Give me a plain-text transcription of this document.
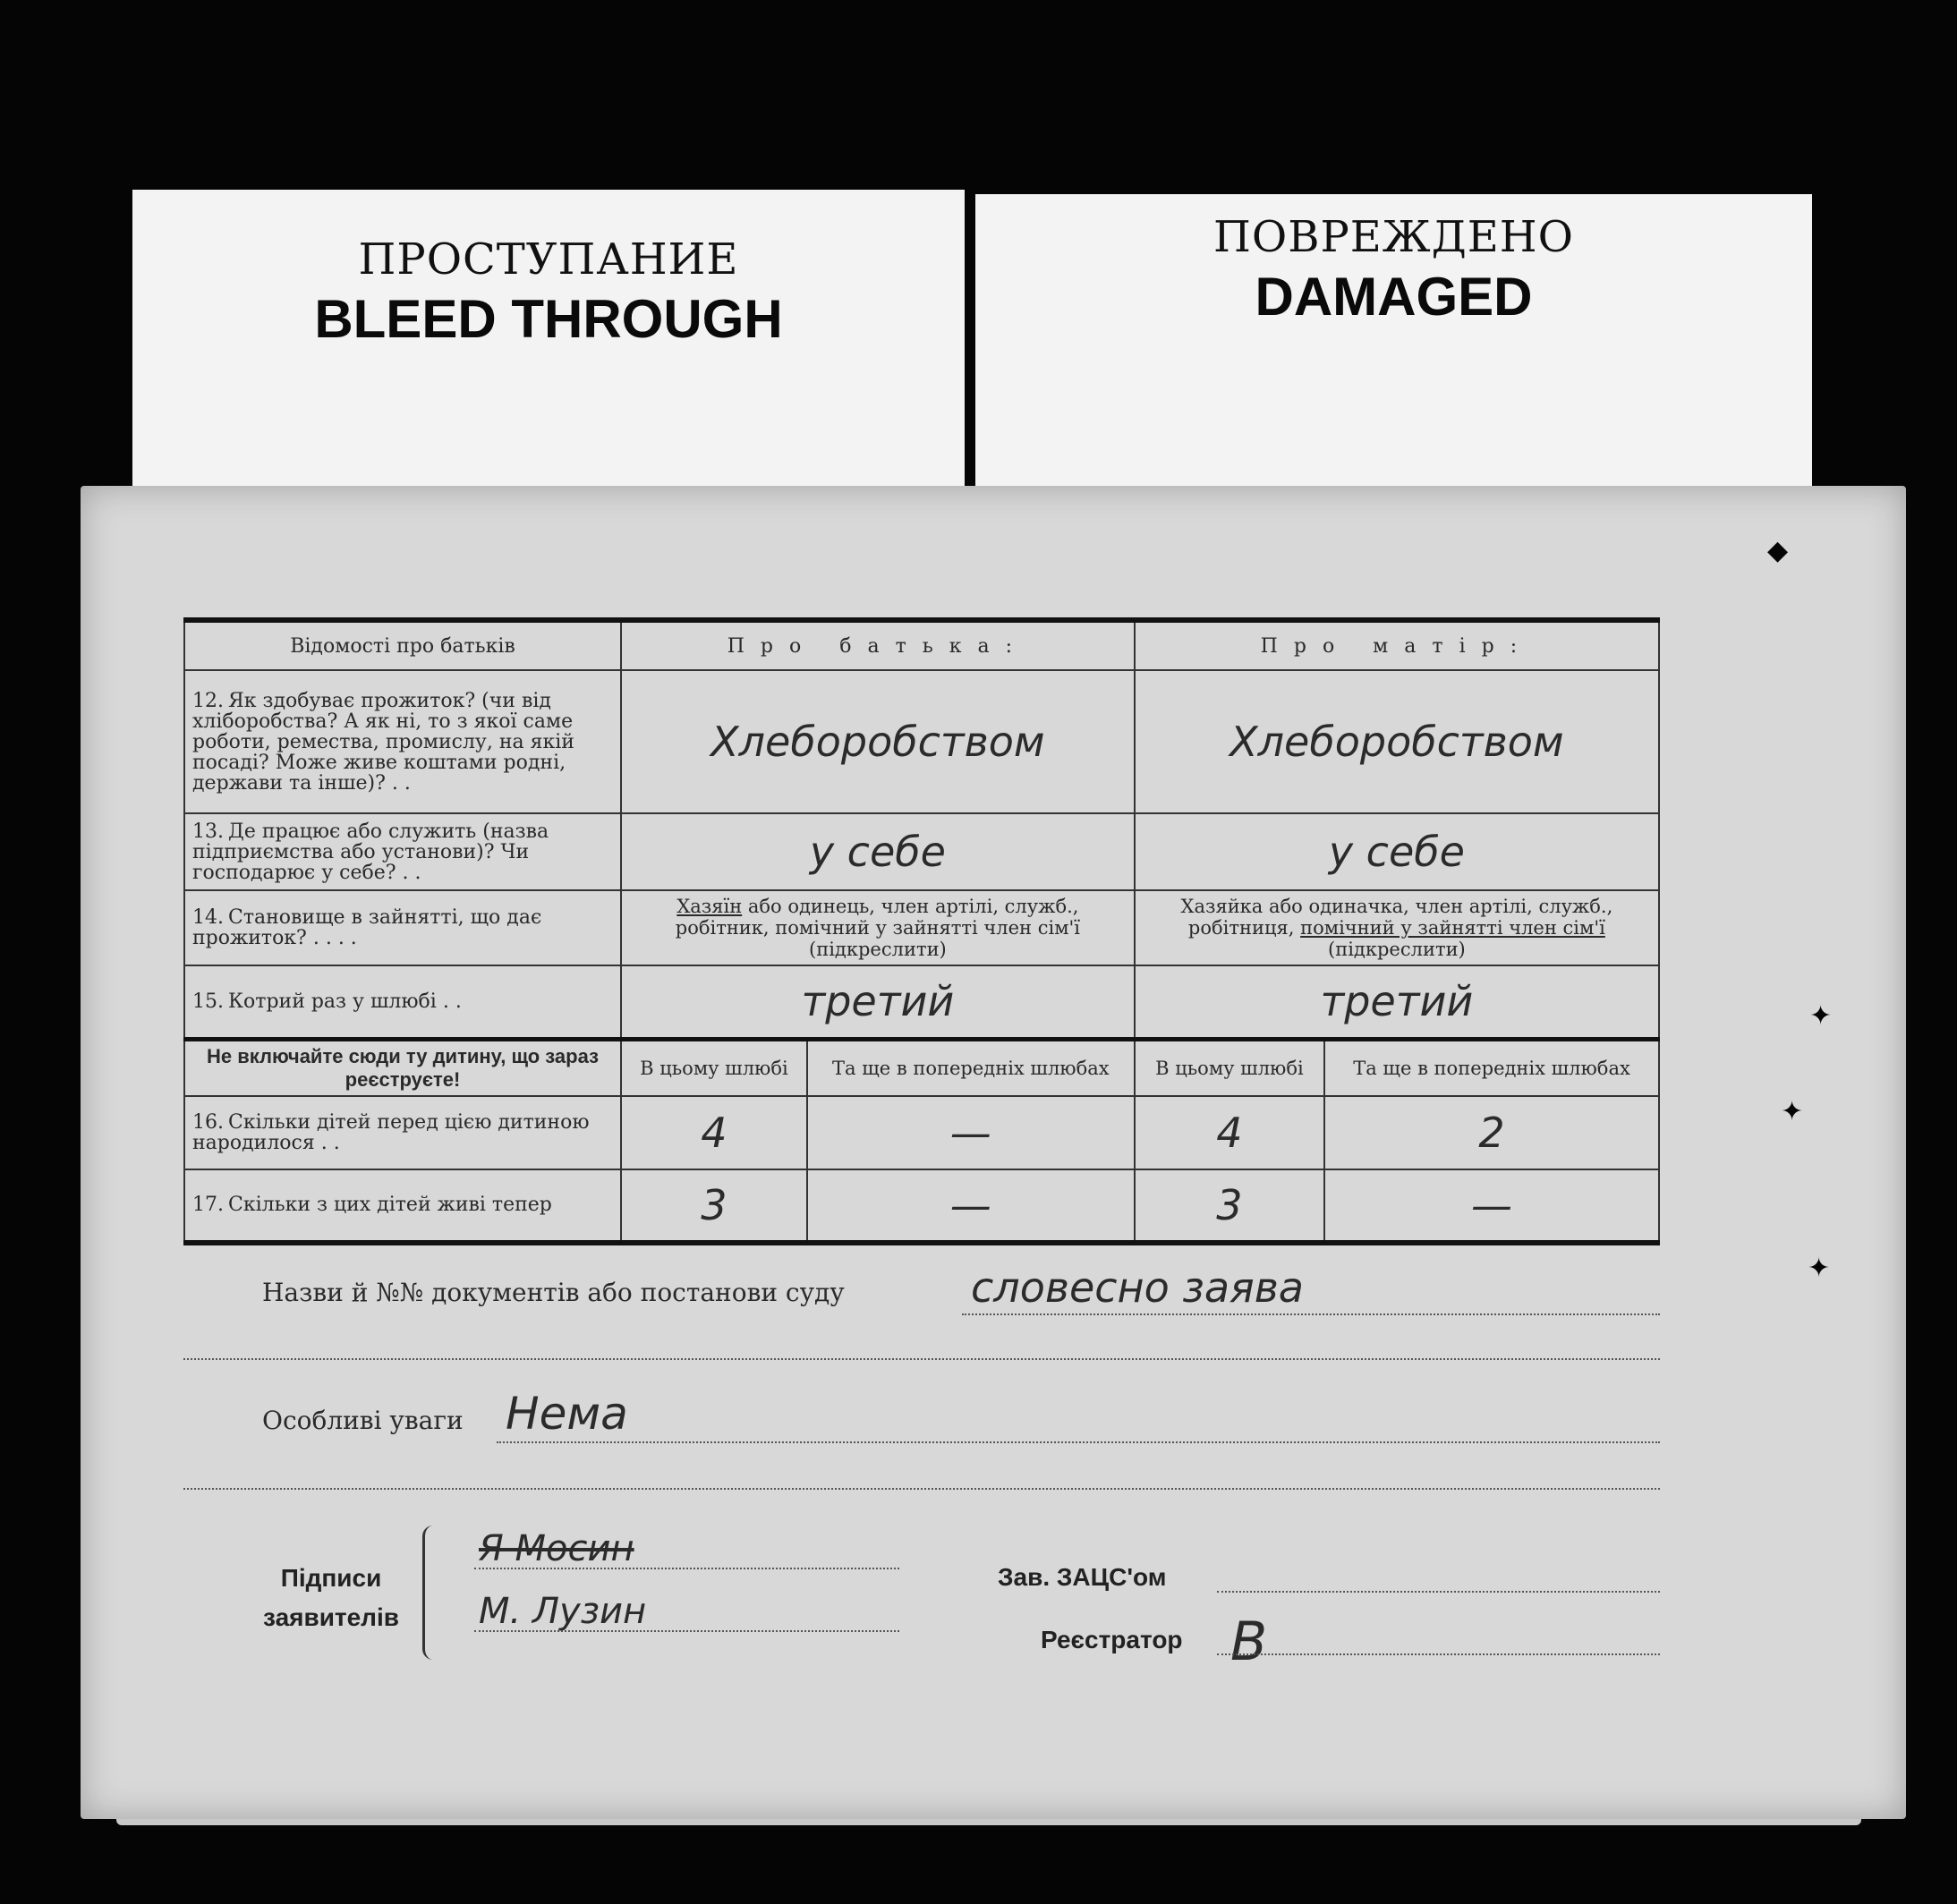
ПРОСТУПАНИЕ
BLEED THROUGH
ПОВРЕЖДЕНО
DAMAGED
◆
✦
✦
✦
Відомості про батьків	Про батька:		Про матір:	
12. Як здобуває прожиток? (чи від хліборобства? А як ні, то з якої саме роботи, ремества, промислу, на якій посаді? Може живе коштами родні, держави та інше)? . .	Хлеборобством		Хлеборобством	
13. Де працює або служить (назва підприємства або установи)? Чи господарює у себе? . .	у себе		у себе	
14. Становище в зайнятті, що дає прожиток? . . . .	Хазяїн або одинець, член артілі, служб., робітник, помічний у зайнятті член сім'ї (підкреслити)		Хазяйка або одиначка, член артілі, служб., робітниця, помічний у зайнятті член сім'ї (підкреслити)	
15. Котрий раз у шлюбі . .	третий		третий	
Не включайте сюди ту дитину, що зараз реєструєте!	В цьому шлюбі	Та ще в попередніх шлюбах	В цьому шлюбі	Та ще в попередніх шлюбах
16. Скільки дітей перед цією дитиною народилося . .	4	—	4	2
17. Скільки з цих дітей живі тепер	3	—	3	—
Назви й №№ документів або постанови суду	словесно заява
Особливі уваги Нема
Підписи
заявителів
Я Мосин
М. Лузин
Зав. ЗАЦС'ом
Реєстратор В
